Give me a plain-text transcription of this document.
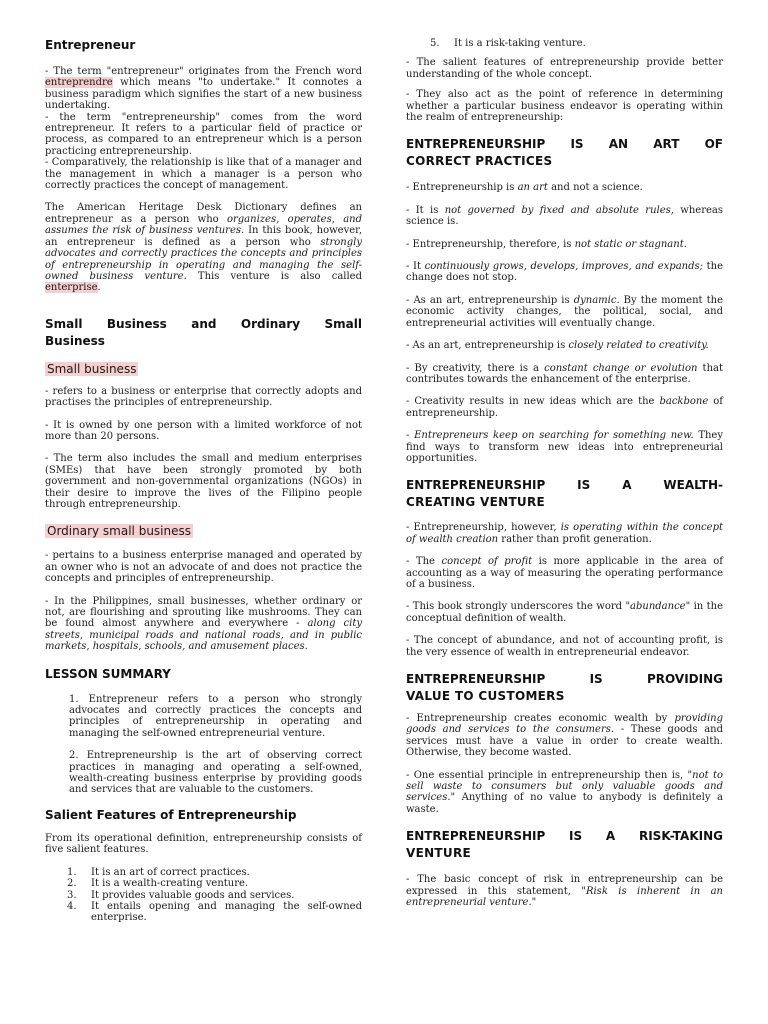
Entrepreneur

- The term "entrepreneur" originates from the French word entreprendre which means "to undertake." It connotes a business paradigm which signifies the start of a new business undertaking.

- the term "entrepreneurship" comes from the word entrepreneur. It refers to a particular field of practice or process, as compared to an entrepreneur which is a person practicing entrepreneurship.

- Comparatively, the relationship is like that of a manager and the management in which a manager is a person who correctly practices the concept of management.

The American Heritage Desk Dictionary defines an entrepreneur as a person who organizes, operates, and assumes the risk of business ventures. In this book, however, an entrepreneur is defined as a person who strongly advocates and correctly practices the concepts and principles of entrepreneurship in operating and managing the self-owned business venture. This venture is also called enterprise.

Small Business and Ordinary Small
Business
Small business

- refers to a business or enterprise that correctly adopts and practises the principles of entrepreneurship.

- It is owned by one person with a limited workforce of not more than 20 persons.

- The term also includes the small and medium enterprises (SMEs) that have been strongly promoted by both government and non-governmental organizations (NGOs) in their desire to improve the lives of the Filipino people through entrepreneurship.

Ordinary small business

- pertains to a business enterprise managed and operated by an owner who is not an advocate of and does not practice the concepts and principles of entrepreneurship.

- In the Philippines, small businesses, whether ordinary or not, are flourishing and sprouting like mushrooms. They can be found almost anywhere and everywhere - along city streets, municipal roads and national roads, and in public markets, hospitals, schools, and amusement places.

LESSON SUMMARY
1. Entrepreneur refers to a person who strongly advocates and correctly practices the concepts and principles of entrepreneurship in operating and managing the self-owned entrepreneurial venture.
2. Entrepreneurship is the art of observing correct practices in managing and operating a self-owned, wealth-creating business enterprise by providing goods and services that are valuable to the customers.
Salient Features of Entrepreneurship

From its operational definition, entrepreneurship consists of five salient features.

1.	It is an art of correct practices.
2.	It is a wealth-creating venture.
3.	It provides valuable goods and services.
4.	It entails opening and managing the self-owned enterprise.
5.	It is a risk-taking venture.

- The salient features of entrepreneurship provide better understanding of the whole concept.

- They also act as the point of reference in determining whether a particular business endeavor is operating within the realm of entrepreneurship:

ENTREPRENEURSHIP IS AN ART OF
CORRECT PRACTICES

- Entrepreneurship is an art and not a science.

- It is not governed by fixed and absolute rules, whereas science is.

- Entrepreneurship, therefore, is not static or stagnant.

- It continuously grows, develops, improves, and expands; the change does not stop.

- As an art, entrepreneurship is dynamic. By the moment the economic activity changes, the political, social, and entrepreneurial activities will eventually change.

- As an art, entrepreneurship is closely related to creativity.

- By creativity, there is a constant change or evolution that contributes towards the enhancement of the enterprise.

- Creativity results in new ideas which are the backbone of entrepreneurship.

- Entrepreneurs keep on searching for something new. They find ways to transform new ideas into entrepreneurial opportunities.

ENTREPRENEURSHIP IS A WEALTH-
CREATING VENTURE

- Entrepreneurship, however, is operating within the concept of wealth creation rather than profit generation.

- The concept of profit is more applicable in the area of accounting as a way of measuring the operating performance of a business.

- This book strongly underscores the word "abundance" in the conceptual definition of wealth.

- The concept of abundance, and not of accounting profit, is the very essence of wealth in entrepreneurial endeavor.

ENTREPRENEURSHIP IS PROVIDING
VALUE TO CUSTOMERS

- Entrepreneurship creates economic wealth by providing goods and services to the consumers. - These goods and services must have a value in order to create wealth. Otherwise, they become wasted.

- One essential principle in entrepreneurship then is, "not to sell waste to consumers but only valuable goods and services." Anything of no value to anybody is definitely a waste.

ENTREPRENEURSHIP IS A RISK-TAKING
VENTURE

- The basic concept of risk in entrepreneurship can be expressed in this statement, "Risk is inherent in an entrepreneurial venture."
